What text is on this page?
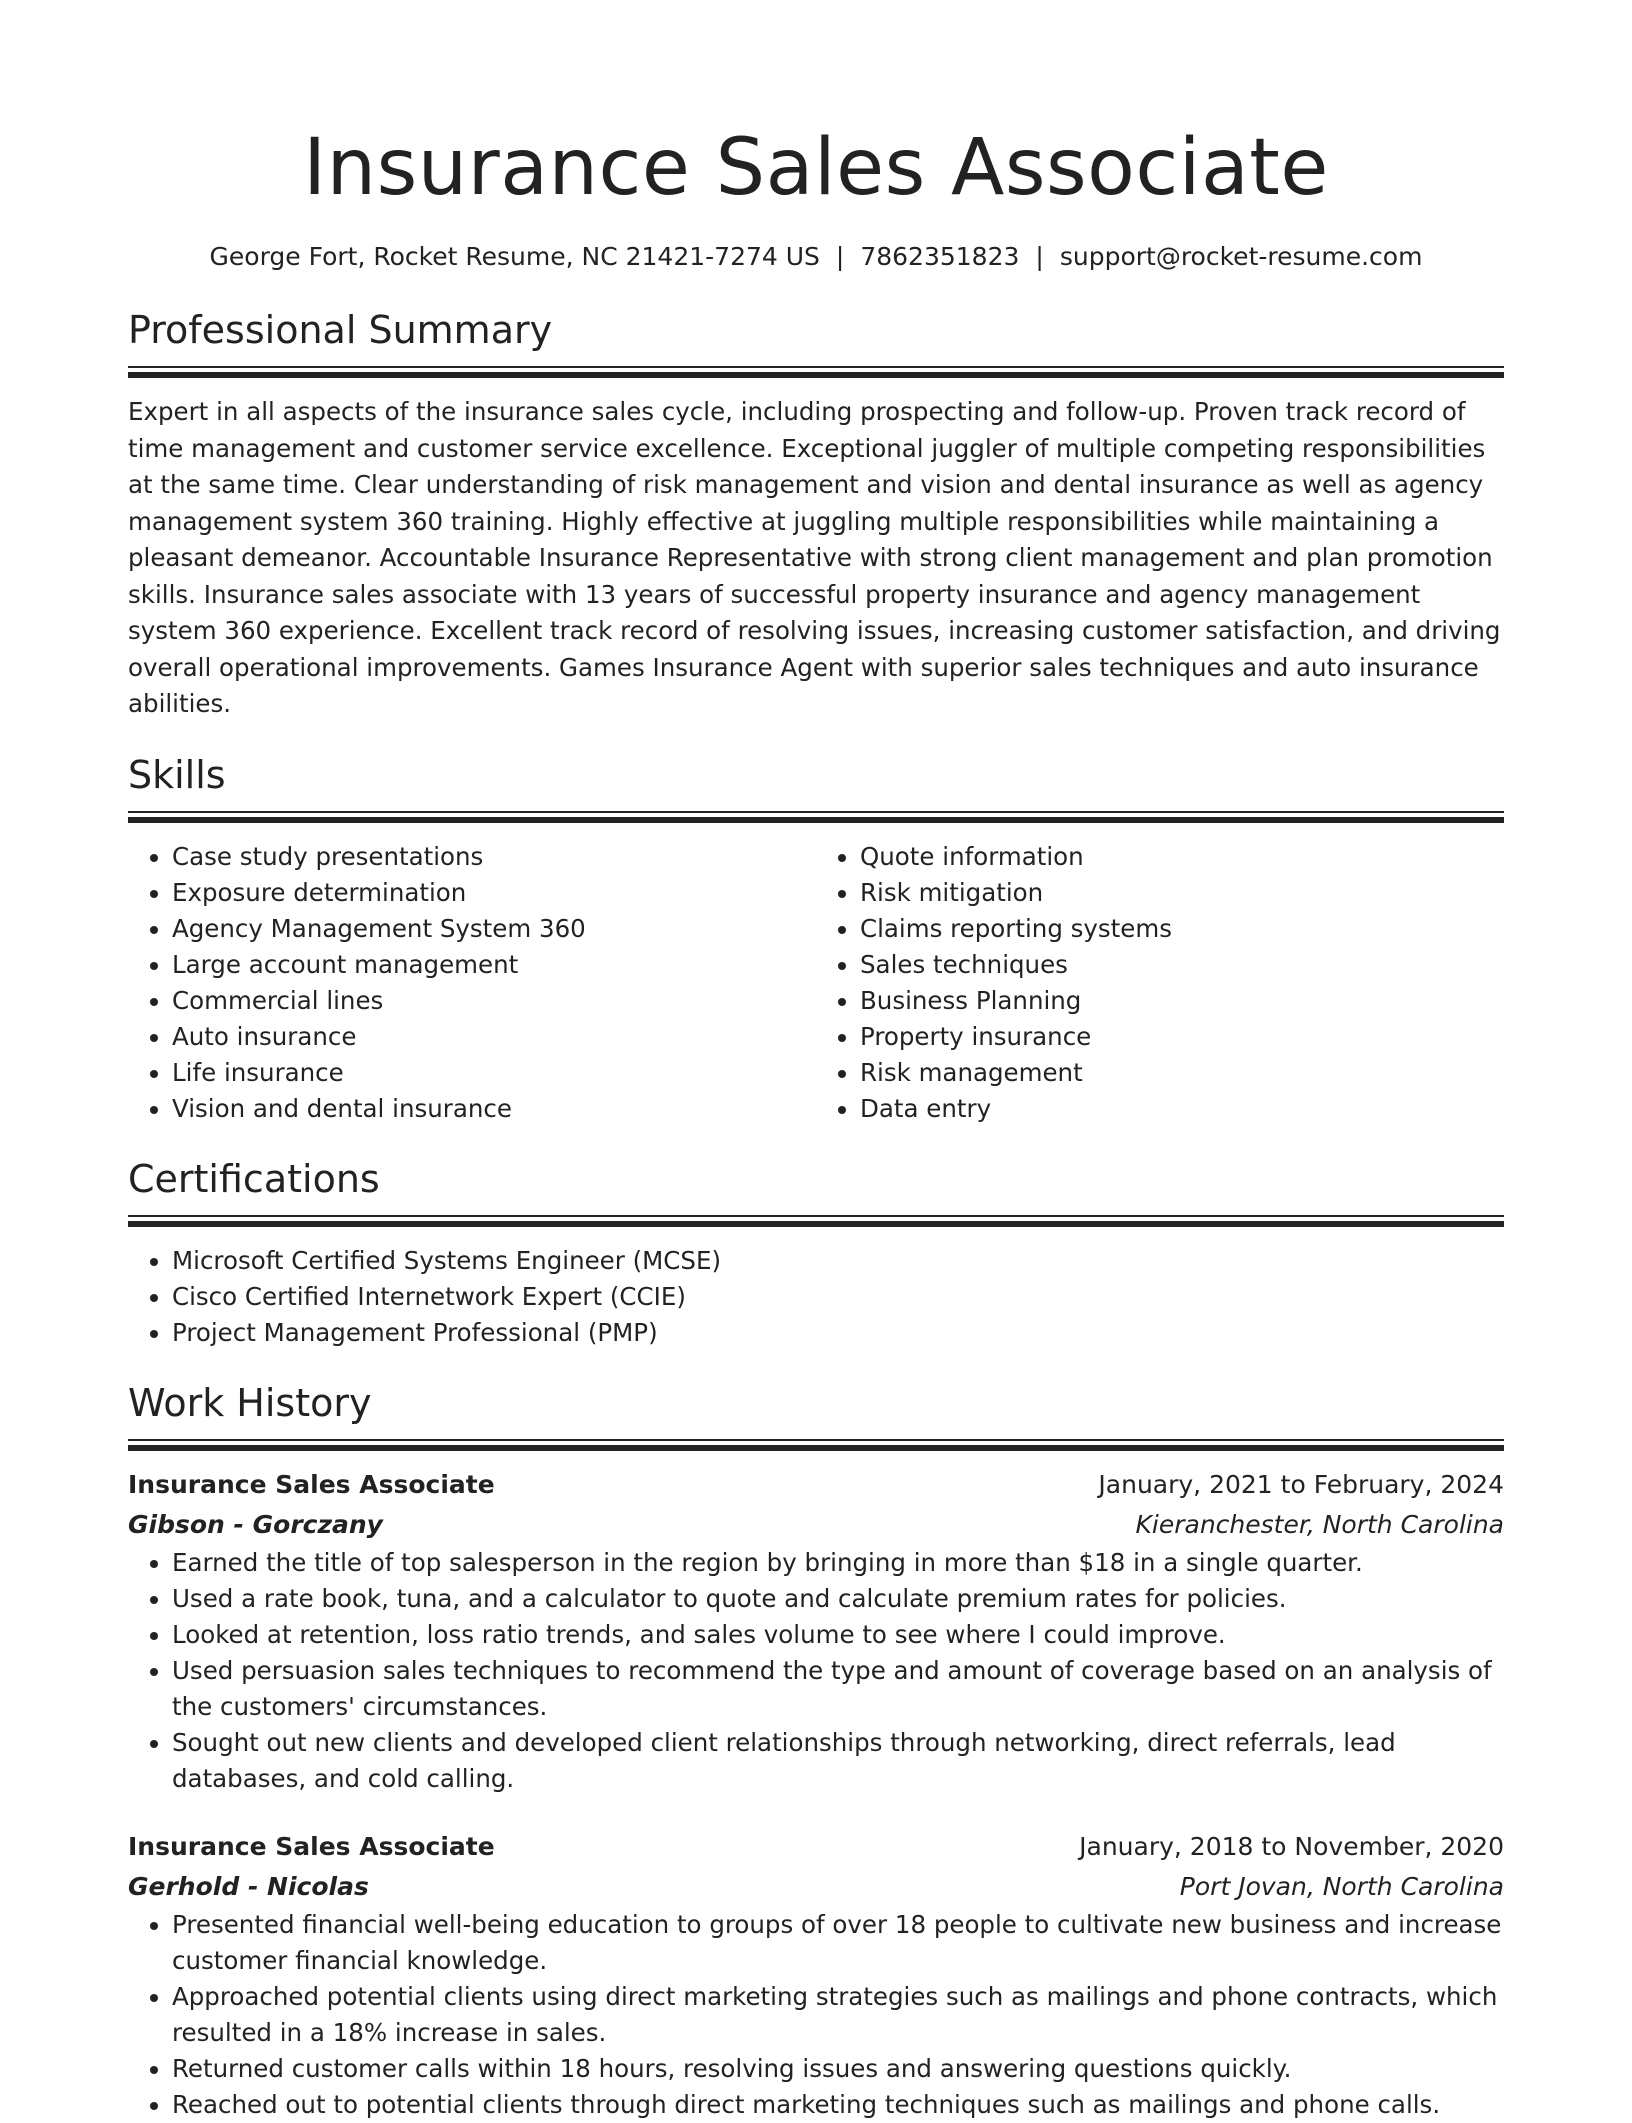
Insurance Sales Associate
George Fort, Rocket Resume, NC 21421-7274 US | 7862351823 | support@rocket-resume.com
Professional Summary
Expert in all aspects of the insurance sales cycle, including prospecting and follow-up. Proven track record of time management and customer service excellence. Exceptional juggler of multiple competing responsibilities at the same time. Clear understanding of risk management and vision and dental insurance as well as agency management system 360 training. Highly effective at juggling multiple responsibilities while maintaining a pleasant demeanor. Accountable Insurance Representative with strong client management and plan promotion skills. Insurance sales associate with 13 years of successful property insurance and agency management system 360 experience. Excellent track record of resolving issues, increasing customer satisfaction, and driving overall operational improvements. Games Insurance Agent with superior sales techniques and auto insurance abilities.
Skills
• Case study presentations
• Exposure determination
• Agency Management System 360
• Large account management
• Commercial lines
• Auto insurance
• Life insurance
• Vision and dental insurance
• Quote information
• Risk mitigation
• Claims reporting systems
• Sales techniques
• Business Planning
• Property insurance
• Risk management
• Data entry
Certifications
• Microsoft Certified Systems Engineer (MCSE)
• Cisco Certified Internetwork Expert (CCIE)
• Project Management Professional (PMP)
Work History
Insurance Sales Associate	January, 2021 to February, 2024
Gibson - Gorczany	Kieranchester, North Carolina
• Earned the title of top salesperson in the region by bringing in more than $18 in a single quarter.
• Used a rate book, tuna, and a calculator to quote and calculate premium rates for policies.
• Looked at retention, loss ratio trends, and sales volume to see where I could improve.
• Used persuasion sales techniques to recommend the type and amount of coverage based on an analysis of the customers' circumstances.
• Sought out new clients and developed client relationships through networking, direct referrals, lead databases, and cold calling.
Insurance Sales Associate	January, 2018 to November, 2020
Gerhold - Nicolas	Port Jovan, North Carolina
• Presented financial well-being education to groups of over 18 people to cultivate new business and increase customer financial knowledge.
• Approached potential clients using direct marketing strategies such as mailings and phone contracts, which resulted in a 18% increase in sales.
• Returned customer calls within 18 hours, resolving issues and answering questions quickly.
• Reached out to potential clients through direct marketing techniques such as mailings and phone calls.
